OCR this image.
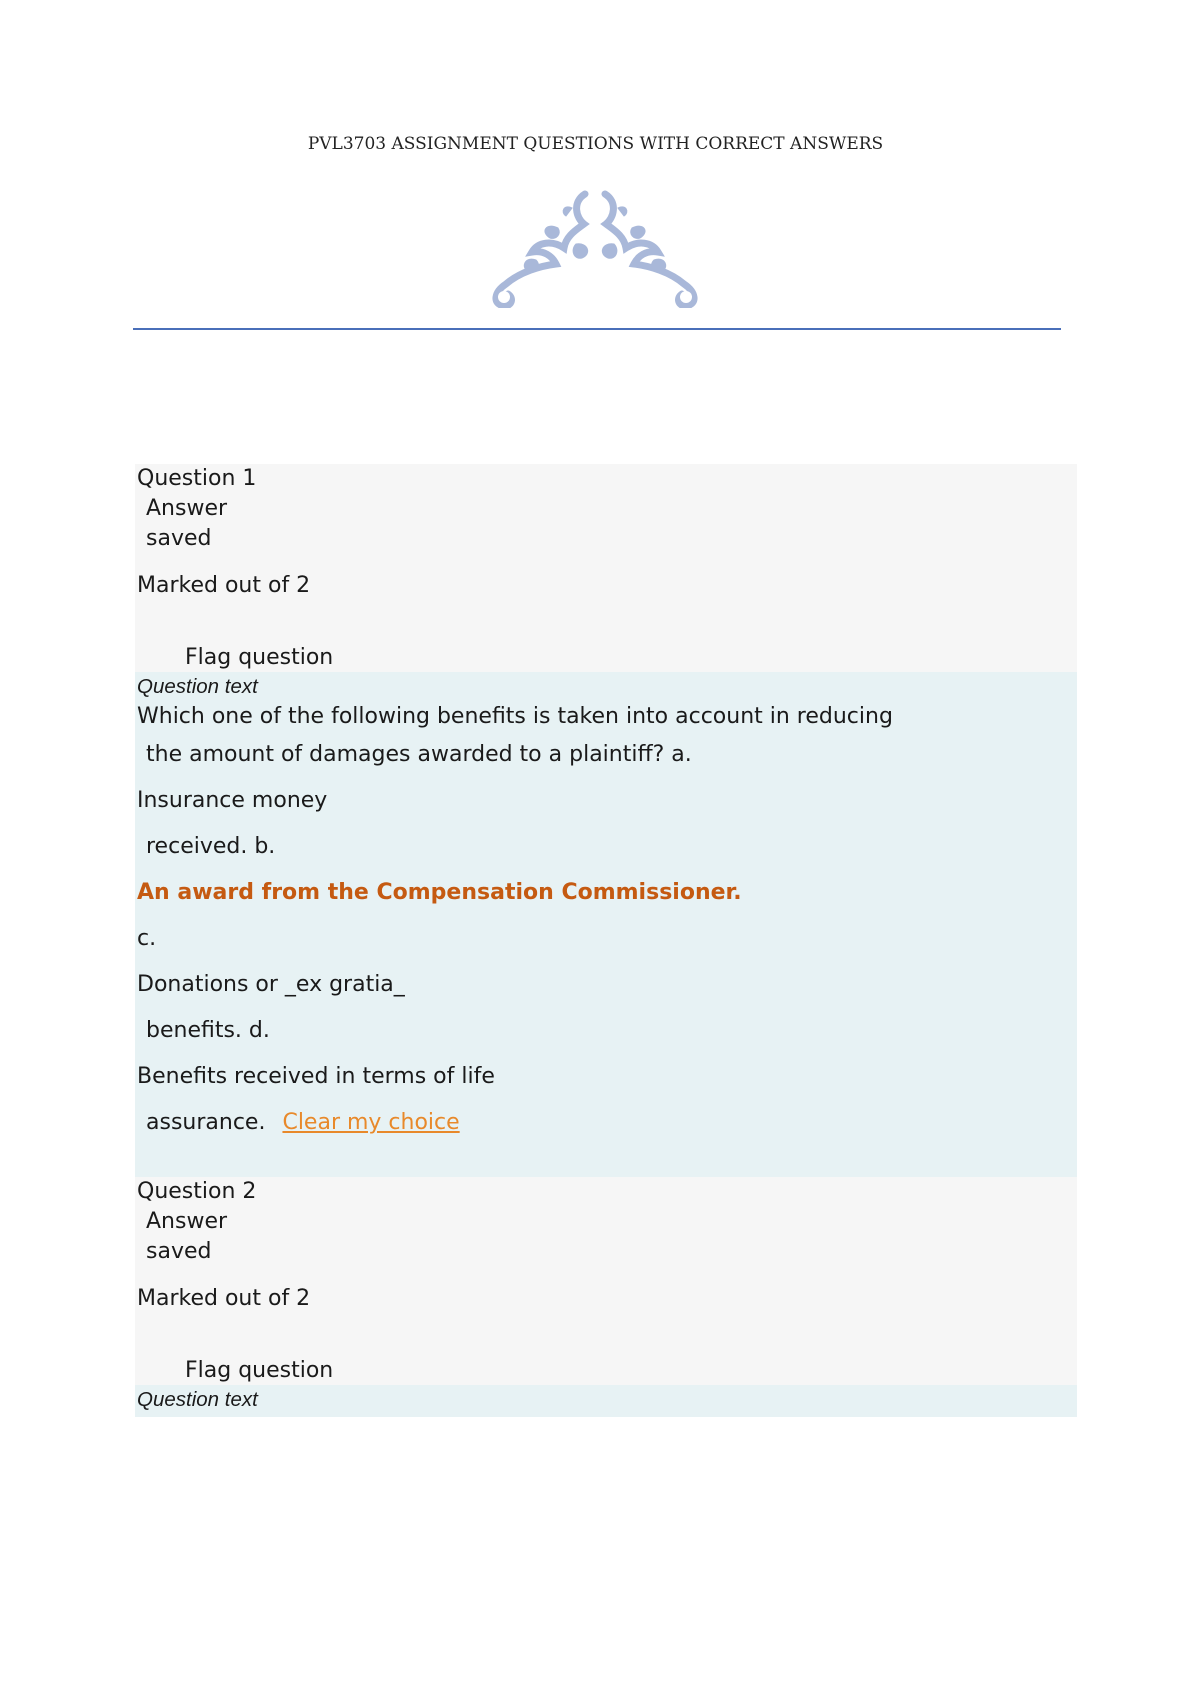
PVL3703 ASSIGNMENT QUESTIONS WITH CORRECT ANSWERS
Question 1
Answer
saved
Marked out of 2
Flag question
Question text
Which one of the following benefits is taken into account in reducing
the amount of damages awarded to a plaintiff? a.
Insurance money
received. b.
An award from the Compensation Commissioner.
c.
Donations or _ex gratia_
benefits. d.
Benefits received in terms of life
assurance. Clear my choice
Question 2
Answer
saved
Marked out of 2
Flag question
Question text
